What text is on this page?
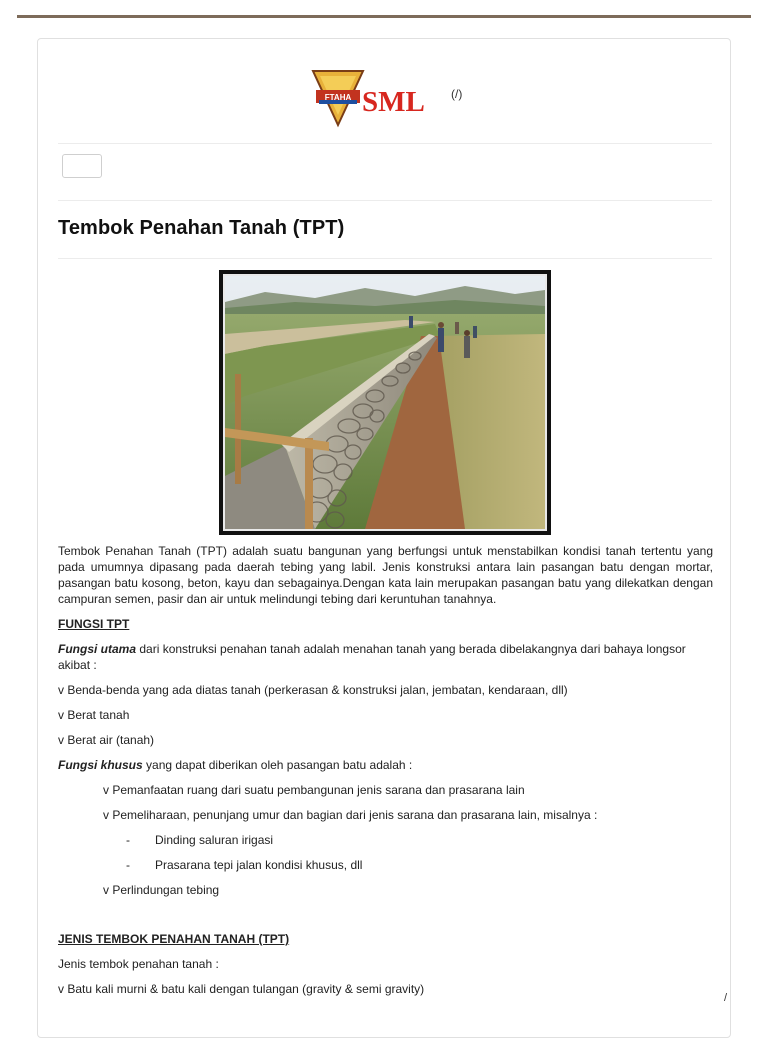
FTAHA SML (/)
Tembok Penahan Tanah (TPT)

Tembok Penahan Tanah (TPT) adalah suatu bangunan yang berfungsi untuk menstabilkan kondisi tanah tertentu yang pada umumnya dipasang pada daerah tebing yang labil. Jenis konstruksi antara lain pasangan batu dengan mortar, pasangan batu kosong, beton, kayu dan sebagainya.Dengan kata lain merupakan pasangan batu yang dilekatkan dengan campuran semen, pasir dan air untuk melindungi tebing dari keruntuhan tanahnya.

FUNGSI TPT

Fungsi utama dari konstruksi penahan tanah adalah menahan tanah yang berada dibelakangnya dari bahaya longsor akibat :

v Benda-benda yang ada diatas tanah (perkerasan & konstruksi jalan, jembatan, kendaraan, dll)

v Berat tanah

v Berat air (tanah)

Fungsi khusus yang dapat diberikan oleh pasangan batu adalah :

v Pemanfaatan ruang dari suatu pembangunan jenis sarana dan prasarana lain

v Pemeliharaan, penunjang umur dan bagian dari jenis sarana dan prasarana lain, misalnya :

- Dinding saluran irigasi

- Prasarana tepi jalan kondisi khusus, dll

v Perlindungan tebing

JENIS TEMBOK PENAHAN TANAH (TPT)

Jenis tembok penahan tanah :

v Batu kali murni & batu kali dengan tulangan (gravity & semi gravity)

/
